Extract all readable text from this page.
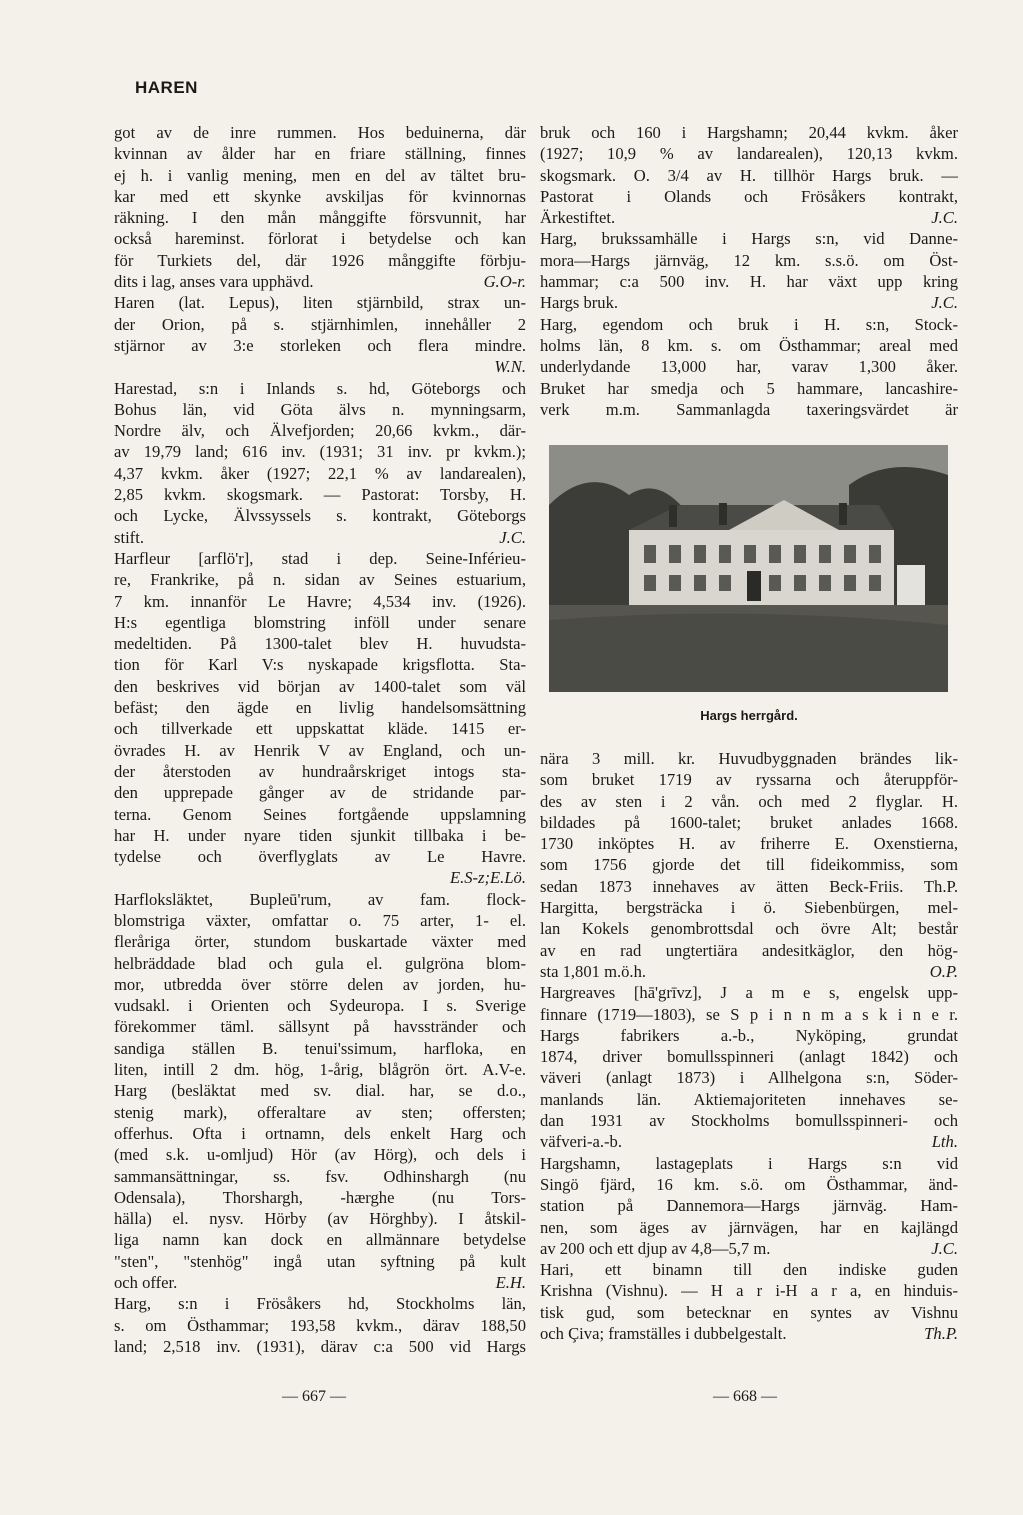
HAREN
got av de inre rummen. Hos beduinerna, där
kvinnan av ålder har en friare ställning, finnes
ej h. i vanlig mening, men en del av tältet bru-
kar med ett skynke avskiljas för kvinnornas
räkning. I den mån månggifte försvunnit, har
också hareminst. förlorat i betydelse och kan
för Turkiets del, där 1926 månggifte förbju-
dits i lag, anses vara upphävd.	G.O-r.
Haren (lat. Lepus), liten stjärnbild, strax un-
der Orion, på s. stjärnhimlen, innehåller 2
stjärnor av 3:e storleken och flera mindre.
W.N.
Harestad, s:n i Inlands s. hd, Göteborgs och
Bohus län, vid Göta älvs n. mynningsarm,
Nordre älv, och Älvefjorden; 20,66 kvkm., där-
av 19,79 land; 616 inv. (1931; 31 inv. pr kvkm.);
4,37 kvkm. åker (1927; 22,1 % av landarealen),
2,85 kvkm. skogsmark. — Pastorat: Torsby, H.
och Lycke, Älvssyssels s. kontrakt, Göteborgs
stift.	J.C.
Harfleur [arflö'r], stad i dep. Seine-Inférieu-
re, Frankrike, på n. sidan av Seines estuarium,
7 km. innanför Le Havre; 4,534 inv. (1926).
H:s egentliga blomstring inföll under senare
medeltiden. På 1300-talet blev H. huvudsta-
tion för Karl V:s nyskapade krigsflotta. Sta-
den beskrives vid början av 1400-talet som väl
befäst; den ägde en livlig handelsomsättning
och tillverkade ett uppskattat kläde. 1415 er-
övrades H. av Henrik V av England, och un-
der återstoden av hundraårskriget intogs sta-
den upprepade gånger av de stridande par-
terna. Genom Seines fortgående uppslamning
har H. under nyare tiden sjunkit tillbaka i be-
tydelse och överflyglats av Le Havre.
E.S-z;E.Lö.
Harfloksläktet, Bupleū'rum, av fam. flock-
blomstriga växter, omfattar o. 75 arter, 1- el.
fleråriga örter, stundom buskartade växter med
helbräddade blad och gula el. gulgröna blom-
mor, utbredda över större delen av jorden, hu-
vudsakl. i Orienten och Sydeuropa. I s. Sverige
förekommer täml. sällsynt på havsstränder och
sandiga ställen B. tenui'ssimum, harfloka, en
liten, intill 2 dm. hög, 1-årig, blågrön ört. A.V-e.
Harg (besläktat med sv. dial. har, se d.o.,
stenig mark), offeraltare av sten; offersten;
offerhus. Ofta i ortnamn, dels enkelt Harg och
(med s.k. u-omljud) Hör (av Hörg), och dels i
sammansättningar, ss. fsv. Odhinshargh (nu
Odensala), Thorshargh, -hærghe (nu Tors-
hälla) el. nysv. Hörby (av Hörghby). I åtskil-
liga namn kan dock en allmännare betydelse
"sten", "stenhög" ingå utan syftning på kult
och offer.	E.H.
Harg, s:n i Frösåkers hd, Stockholms län,
s. om Östhammar; 193,58 kvkm., därav 188,50
land; 2,518 inv. (1931), därav c:a 500 vid Hargs
bruk och 160 i Hargshamn; 20,44 kvkm. åker
(1927; 10,9 % av landarealen), 120,13 kvkm.
skogsmark. O. 3/4 av H. tillhör Hargs bruk. —
Pastorat i Olands och Frösåkers kontrakt,
Ärkestiftet.	J.C.
Harg, brukssamhälle i Hargs s:n, vid Danne-
mora—Hargs järnväg, 12 km. s.s.ö. om Öst-
hammar; c:a 500 inv. H. har växt upp kring
Hargs bruk.	J.C.
Harg, egendom och bruk i H. s:n, Stock-
holms län, 8 km. s. om Östhammar; areal med
underlydande 13,000 har, varav 1,300 åker.
Bruket har smedja och 5 hammare, lancashire-
verk m.m. Sammanlagda taxeringsvärdet är
Hargs herrgård.
nära 3 mill. kr. Huvudbyggnaden brändes lik-
som bruket 1719 av ryssarna och återuppför-
des av sten i 2 vån. och med 2 flyglar. H.
bildades på 1600-talet; bruket anlades 1668.
1730 inköptes H. av friherre E. Oxenstierna,
som 1756 gjorde det till fideikommiss, som
sedan 1873 innehaves av ätten Beck-Friis. Th.P.
Hargitta, bergsträcka i ö. Siebenbürgen, mel-
lan Kokels genombrottsdal och övre Alt; består
av en rad ungtertiära andesitkäglor, den hög-
sta 1,801 m.ö.h.	O.P.
Hargreaves [hā'grīvz], J a m e s, engelsk upp-
finnare (1719—1803), se S p i n n m a s k i n e r.
Hargs fabrikers a.-b., Nyköping, grundat
1874, driver bomullsspinneri (anlagt 1842) och
väveri (anlagt 1873) i Allhelgona s:n, Söder-
manlands län. Aktiemajoriteten innehaves se-
dan 1931 av Stockholms bomullsspinneri- och
väfveri-a.-b.	Lth.
Hargshamn, lastageplats i Hargs s:n vid
Singö fjärd, 16 km. s.ö. om Östhammar, änd-
station på Dannemora—Hargs järnväg. Ham-
nen, som äges av järnvägen, har en kajlängd
av 200 och ett djup av 4,8—5,7 m.	J.C.
Hari, ett binamn till den indiske guden
Krishna (Vishnu). — H a r i-H a r a, en hinduis-
tisk gud, som betecknar en syntes av Vishnu
och Çiva; framställes i dubbelgestalt.	Th.P.
— 667 —	— 668 —
